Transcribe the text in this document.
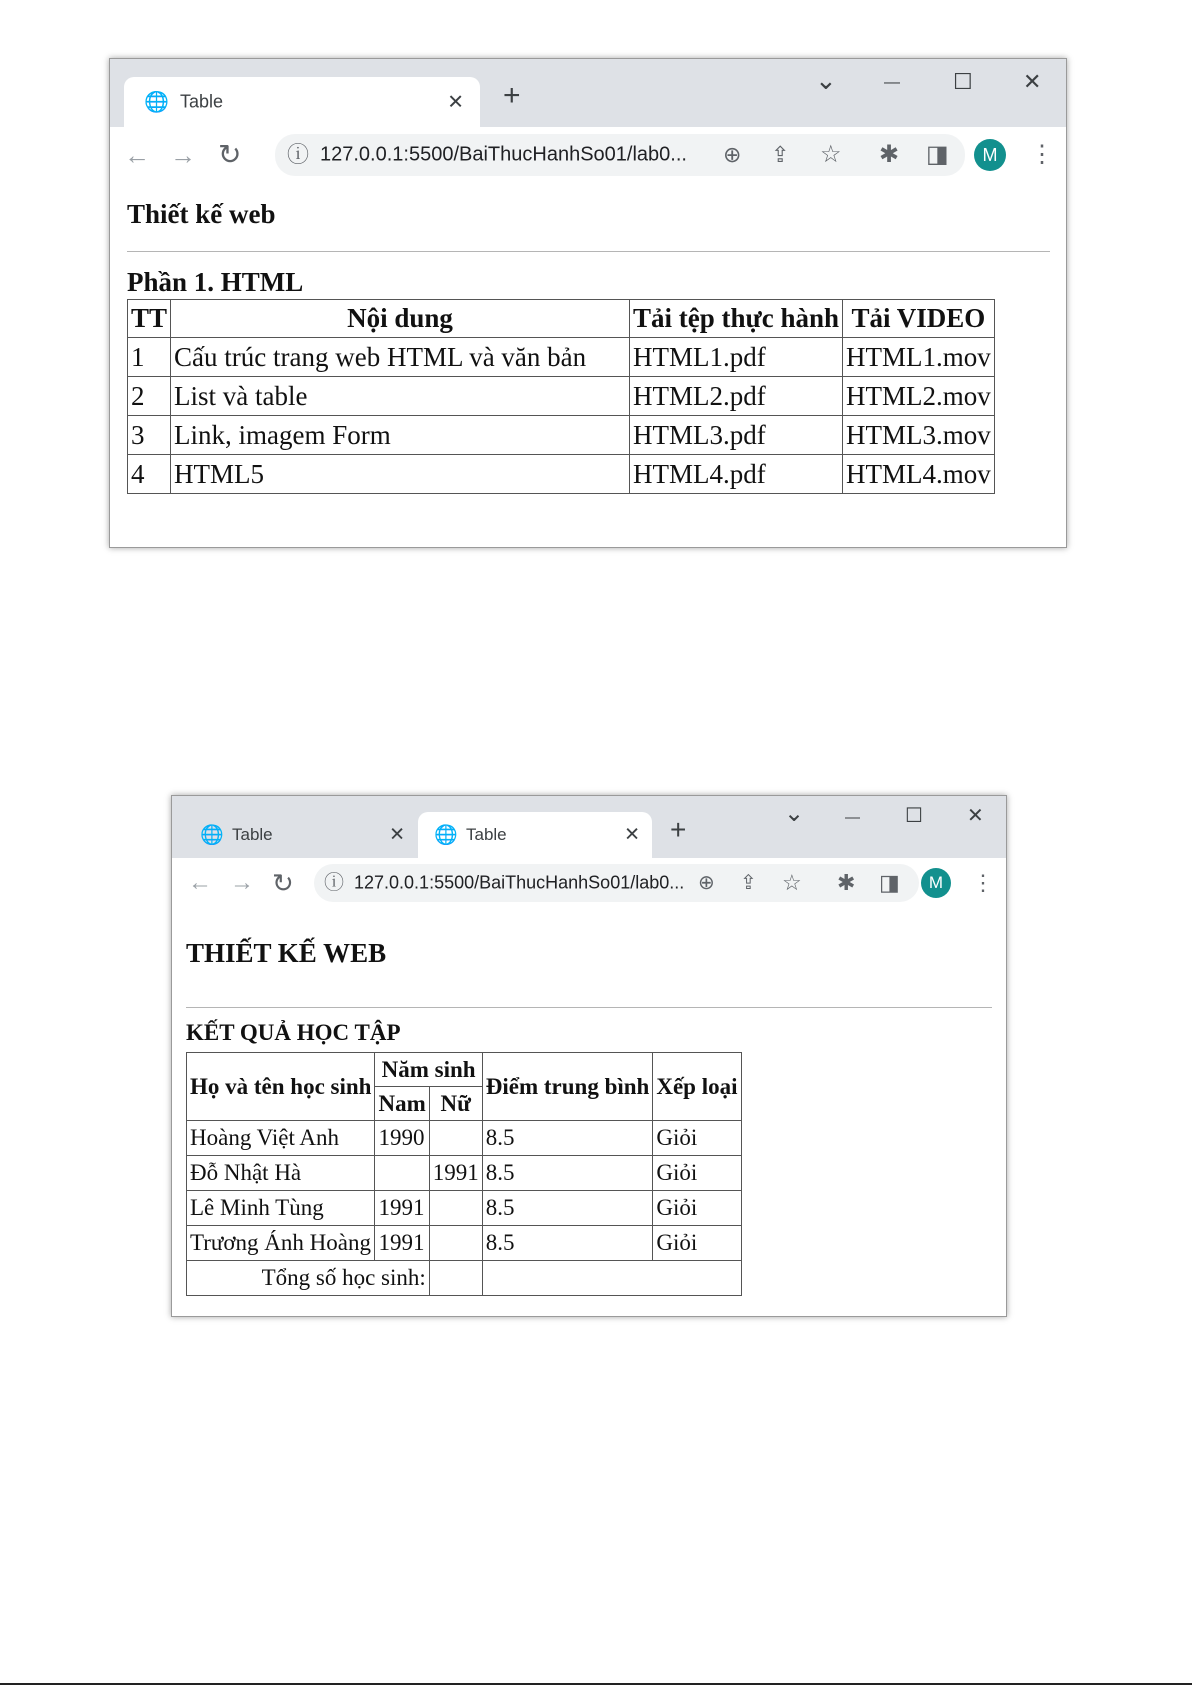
🌐 Table	✕ +	⌄	— ☐ ✕
← → ↻ ⓘ 127.0.0.1:5500/BaiThucHanhSo01/lab0... ⊕ ⇪ ☆ ✱ ◨	M	⋮
Thiết kế web
Phần 1. HTML
TT	Nội dung	Tải tệp thực hành	Tải VIDEO
1	Cấu trúc trang web HTML và văn bản	HTML1.pdf	HTML1.mov
2	List và table	HTML2.pdf	HTML2.mov
3	Link, imagem Form	HTML3.pdf	HTML3.mov
4	HTML5	HTML4.pdf	HTML4.mov
🌐 Table	✕ 🌐 Table	✕ +
⌄	— ☐ ✕
← → ↻ ⓘ 127.0.0.1:5500/BaiThucHanhSo01/lab0... ⊕ ⇪ ☆ ✱ ◨	M	⋮
THIẾT KẾ WEB
KẾT QUẢ HỌC TẬP
Họ và tên học sinh	Năm sinh		Điểm trung bình	Xếp loại
	Nam	Nữ		
Hoàng Việt Anh	1990		8.5	Giỏi
Đỗ Nhật Hà		1991	8.5	Giỏi
Lê Minh Tùng	1991		8.5	Giỏi
Trương Ánh Hoàng	1991		8.5	Giỏi
Tổng số học sinh:				
